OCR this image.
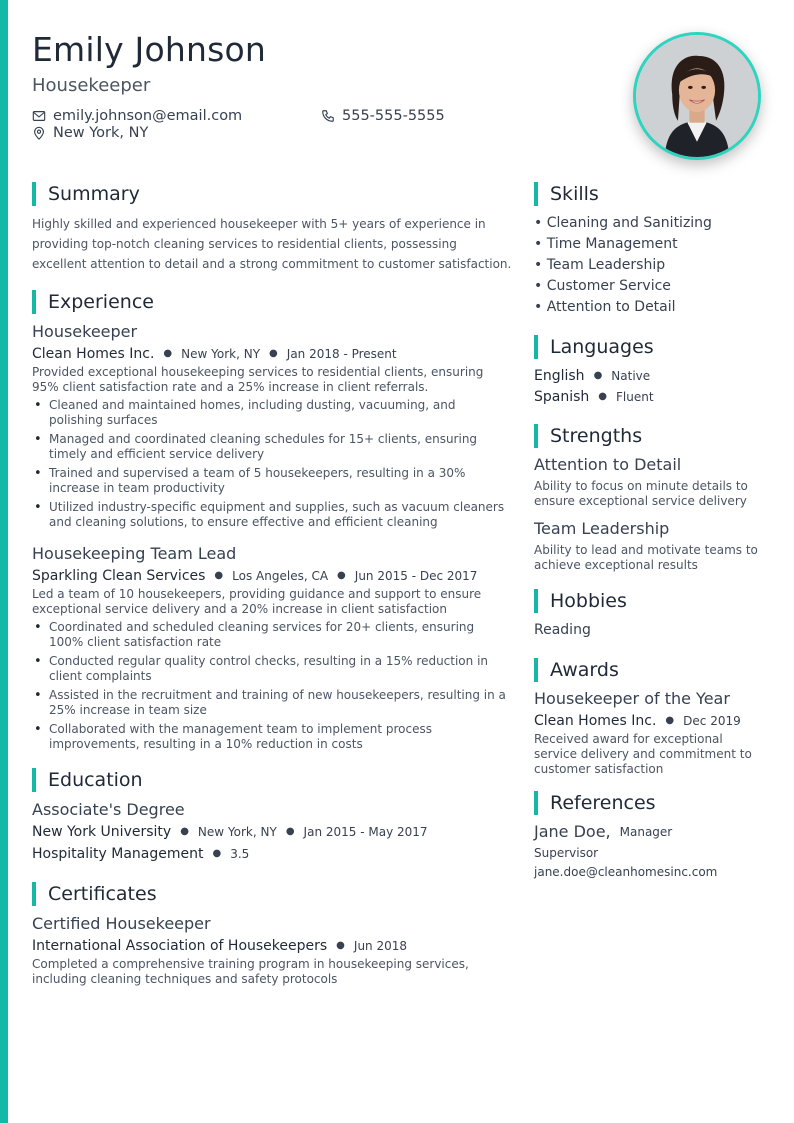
Emily Johnson
Housekeeper
emily.johnson@email.com	555-555-5555
New York, NY
Summary
Highly skilled and experienced housekeeper with 5+ years of experience in providing top-notch cleaning services to residential clients, possessing excellent attention to detail and a strong commitment to customer satisfaction.
Experience
Housekeeper
Clean Homes Inc. ● New York, NY ● Jan 2018 - Present
Provided exceptional housekeeping services to residential clients, ensuring 95% client satisfaction rate and a 25% increase in client referrals.
• Cleaned and maintained homes, including dusting, vacuuming, and polishing surfaces
• Managed and coordinated cleaning schedules for 15+ clients, ensuring timely and efficient service delivery
• Trained and supervised a team of 5 housekeepers, resulting in a 30% increase in team productivity
• Utilized industry-specific equipment and supplies, such as vacuum cleaners and cleaning solutions, to ensure effective and efficient cleaning
Housekeeping Team Lead
Sparkling Clean Services ● Los Angeles, CA ● Jun 2015 - Dec 2017
Led a team of 10 housekeepers, providing guidance and support to ensure exceptional service delivery and a 20% increase in client satisfaction
• Coordinated and scheduled cleaning services for 20+ clients, ensuring 100% client satisfaction rate
• Conducted regular quality control checks, resulting in a 15% reduction in client complaints
• Assisted in the recruitment and training of new housekeepers, resulting in a 25% increase in team size
• Collaborated with the management team to implement process improvements, resulting in a 10% reduction in costs
Education
Associate's Degree
New York University ● New York, NY ● Jan 2015 - May 2017
Hospitality Management ● 3.5
Certificates
Certified Housekeeper
International Association of Housekeepers ● Jun 2018
Completed a comprehensive training program in housekeeping services, including cleaning techniques and safety protocols
Skills
• Cleaning and Sanitizing
• Time Management
• Team Leadership
• Customer Service
• Attention to Detail
Languages
English ● Native
Spanish ● Fluent
Strengths
Attention to Detail
Ability to focus on minute details to ensure exceptional service delivery
Team Leadership
Ability to lead and motivate teams to achieve exceptional results
Hobbies
Reading
Awards
Housekeeper of the Year
Clean Homes Inc. ● Dec 2019
Received award for exceptional service delivery and commitment to customer satisfaction
References
Jane Doe, Manager
Supervisor
jane.doe@cleanhomesinc.com
